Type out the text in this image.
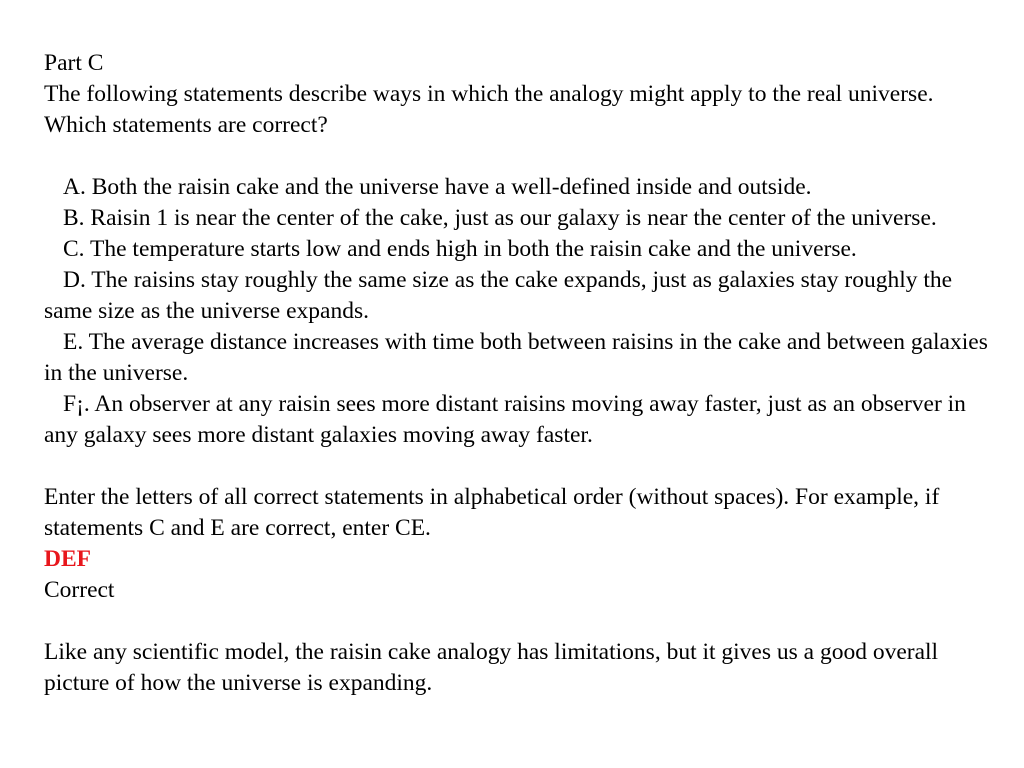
Part C
The following statements describe ways in which the analogy might apply to the real universe. Which statements are correct?
A. Both the raisin cake and the universe have a well-defined inside and outside.
B. Raisin 1 is near the center of the cake, just as our galaxy is near the center of the universe.
C. The temperature starts low and ends high in both the raisin cake and the universe.
D. The raisins stay roughly the same size as the cake expands, just as galaxies stay roughly the same size as the universe expands.
E. The average distance increases with time both between raisins in the cake and between galaxies in the universe.
F¡. An observer at any raisin sees more distant raisins moving away faster, just as an observer in any galaxy sees more distant galaxies moving away faster.
Enter the letters of all correct statements in alphabetical order (without spaces). For example, if statements C and E are correct, enter CE.
DEF
Correct
Like any scientific model, the raisin cake analogy has limitations, but it gives us a good overall picture of how the universe is expanding.
